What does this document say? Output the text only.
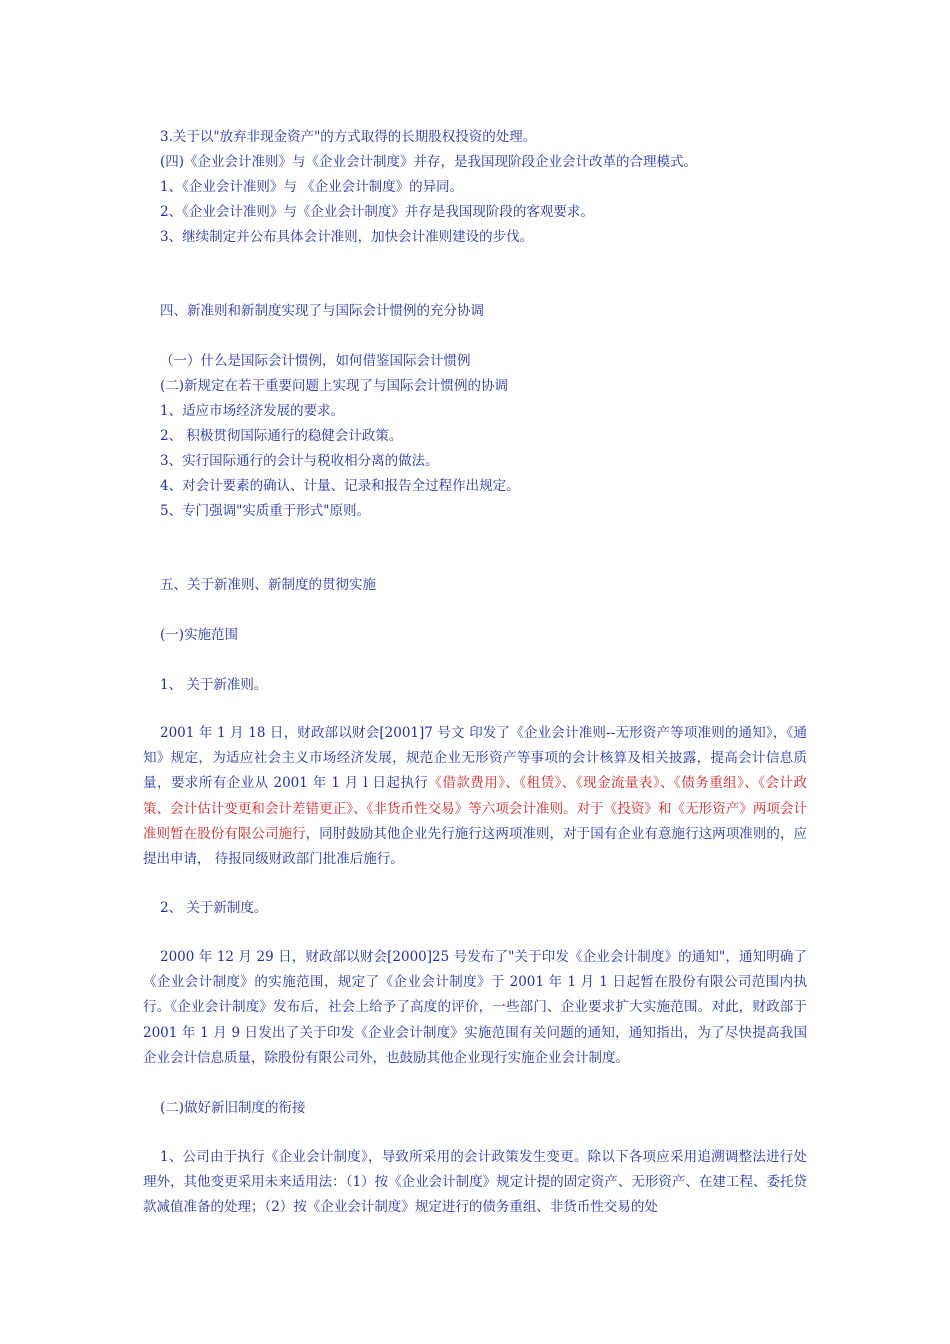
3.关于以"放弃非现金资产"的方式取得的长期股权投资的处理。
(四)《企业会计准则》与《企业会计制度》并存，是我国现阶段企业会计改革的合理模式。
1、《企业会计准则》与 《企业会计制度》的异同。
2、《企业会计准则》与《企业会计制度》并存是我国现阶段的客观要求。
3、继续制定并公布具体会计准则，加快会计准则建设的步伐。
四、新准则和新制度实现了与国际会计惯例的充分协调
（一）什么是国际会计惯例，如何借鉴国际会计惯例
(二)新规定在若干重要问题上实现了与国际会计惯例的协调
1、适应市场经济发展的要求。
2、 积极贯彻国际通行的稳健会计政策。
3、实行国际通行的会计与税收相分离的做法。
4、对会计要素的确认、计量、记录和报告全过程作出规定。
5、专门强调"实质重于形式"原则。
五、关于新准则、新制度的贯彻实施
(一)实施范围
1、 关于新准则。
2001 年 1 月 18 日，财政部以财会[2001]7 号文 印发了《企业会计准则--无形资产等项准则的通知》，《通知》规定，为适应社会主义市场经济发展，规范企业无形资产等事项的会计核算及相关披露，提高会计信息质量，要求所有企业从 2001 年 1 月 l 日起执行《借款费用》、《租赁》、《现金流量表》、《债务重组》、《会计政策、会计估计变更和会计差错更正》、《非货币性交易》等六项会计准则。对于《投资》和《无形资产》两项会计准则暂在股份有限公司施行，同肘鼓励其他企业先行施行这两项准则，对于国有企业有意施行这两项准则的，应提出申请， 待报同级财政部门批准后施行。
2、 关于新制度。
2000 年 12 月 29 日，财政部以财会[2000]25 号发布了"关于印发《企业会计制度》的通知"，通知明确了《企业会计制度》的实施范围，规定了《企业会计制度》于 2001 年 1 月 1 日起暂在股份有限公司范围内执行。《企业会计制度》发布后，社会上给予了高度的评价，一些部门、企业要求扩大实施范围。对此，财政部于 2001 年 1 月 9 日发出了关于印发《企业会计制度》实施范围有关问题的通知，通知指出，为了尽快提高我国企业会计信息质量，除股份有限公司外，也鼓励其他企业现行实施企业会计制度。
(二)做好新旧制度的衔接
1、公司由于执行《企业会计制度》，导致所采用的会计政策发生变更。除以下各项应采用追溯调整法进行处理外，其他变更采用未来适用法：（1）按《企业会计制度》规定计提的固定资产、无形资产、在建工程、委托贷款减值准备的处理；（2）按《企业会计制度》规定进行的债务重组、非货币性交易的处
